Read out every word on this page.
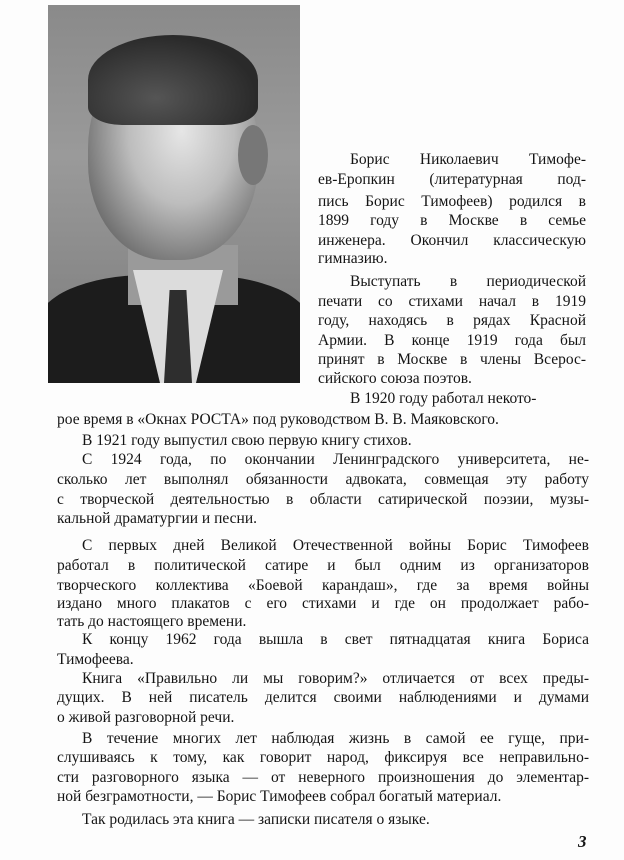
Борис Николаевич Тимофе-
ев-Еропкин (литературная под-
пись Борис Тимофеев) родился в
1899 году в Москве в семье
инженера. Окончил классическую
гимназию.
Выступать в периодической
печати со стихами начал в 1919
году, находясь в рядах Красной
Армии. В конце 1919 года был
принят в Москве в члены Всерос-
сийского союза поэтов.
В 1920 году работал некото-
рое время в «Окнах РОСТА» под руководством В. В. Маяковского.
В 1921 году выпустил свою первую книгу стихов.
С 1924 года, по окончании Ленинградского университета, не-
сколько лет выполнял обязанности адвоката, совмещая эту работу
с творческой деятельностью в области сатирической поэзии, музы-
кальной драматургии и песни.
С первых дней Великой Отечественной войны Борис Тимофеев
работал в политической сатире и был одним из организаторов
творческого коллектива «Боевой карандаш», где за время войны
издано много плакатов с его стихами и где он продолжает рабо-
тать до настоящего времени.
К концу 1962 года вышла в свет пятнадцатая книга Бориса
Тимофеева.
Книга «Правильно ли мы говорим?» отличается от всех преды-
дущих. В ней писатель делится своими наблюдениями и думами
о живой разговорной речи.
В течение многих лет наблюдая жизнь в самой ее гуще, при-
слушиваясь к тому, как говорит народ, фиксируя все неправильно-
сти разговорного языка — от неверного произношения до элементар-
ной безграмотности, — Борис Тимофеев собрал богатый материал.
Так родилась эта книга — записки писателя о языке.
3
